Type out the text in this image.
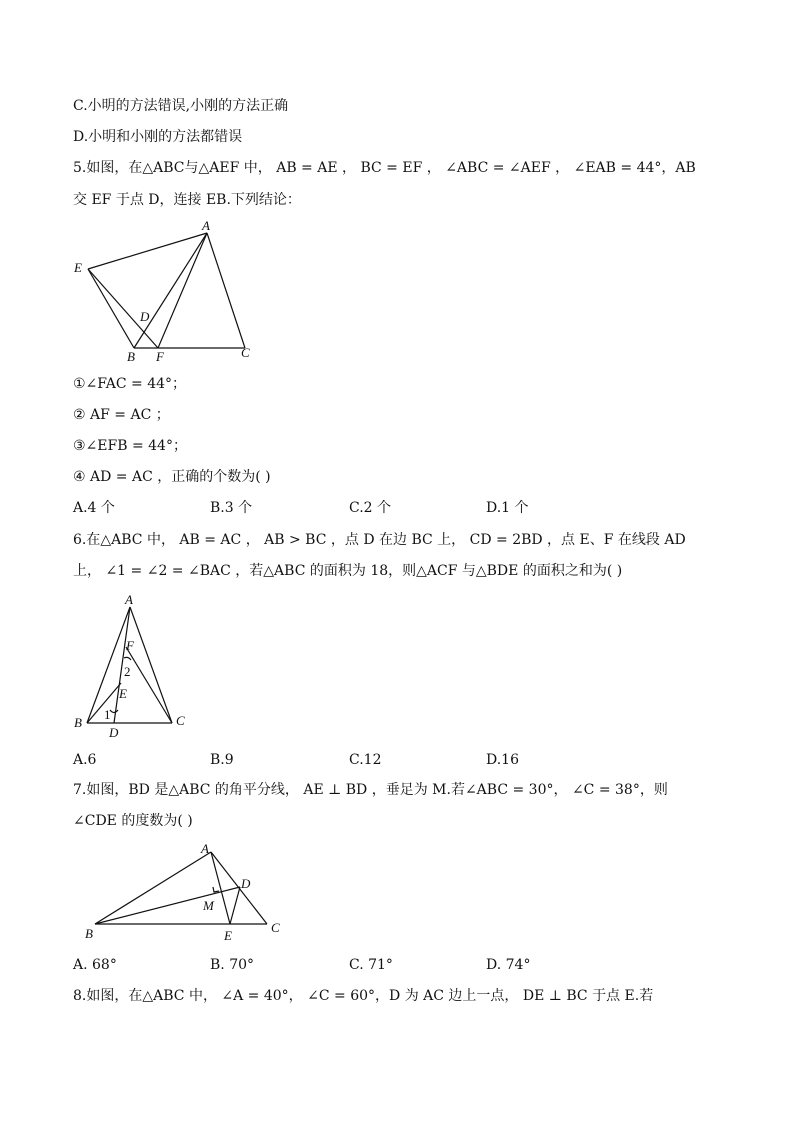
C.小明的方法错误,小刚的方法正确
D.小明和小刚的方法都错误
5.如图，在△ABC与△AEF 中， AB = AE ， BC = EF ， ∠ABC = ∠AEF ， ∠EAB = 44°，AB
交 EF 于点 D，连接 EB.下列结论：
A
E
D
B F	C
①∠FAC = 44°；
② AF = AC ；
③∠EFB = 44°；
④ AD = AC ，正确的个数为( )
A.4 个	B.3 个	C.2 个	D.1 个
6.在△ABC 中， AB = AC ， AB > BC ，点 D 在边 BC 上， CD = 2BD ，点 E、F 在线段 AD
上， ∠1 = ∠2 = ∠BAC ，若△ABC 的面积为 18，则△ACF 与△BDE 的面积之和为( )
A
F
2
E
1
B	C
D
A.6	B.9	C.12	D.16
7.如图，BD 是△ABC 的角平分线， AE ⊥ BD ，垂足为 M.若∠ABC = 30°， ∠C = 38°，则
∠CDE 的度数为( )
A
D
M
B	E
C
A. 68°	B. 70°	C. 71°	D. 74°
8.如图，在△ABC 中， ∠A = 40°， ∠C = 60°，D 为 AC 边上一点， DE ⊥ BC 于点 E.若
